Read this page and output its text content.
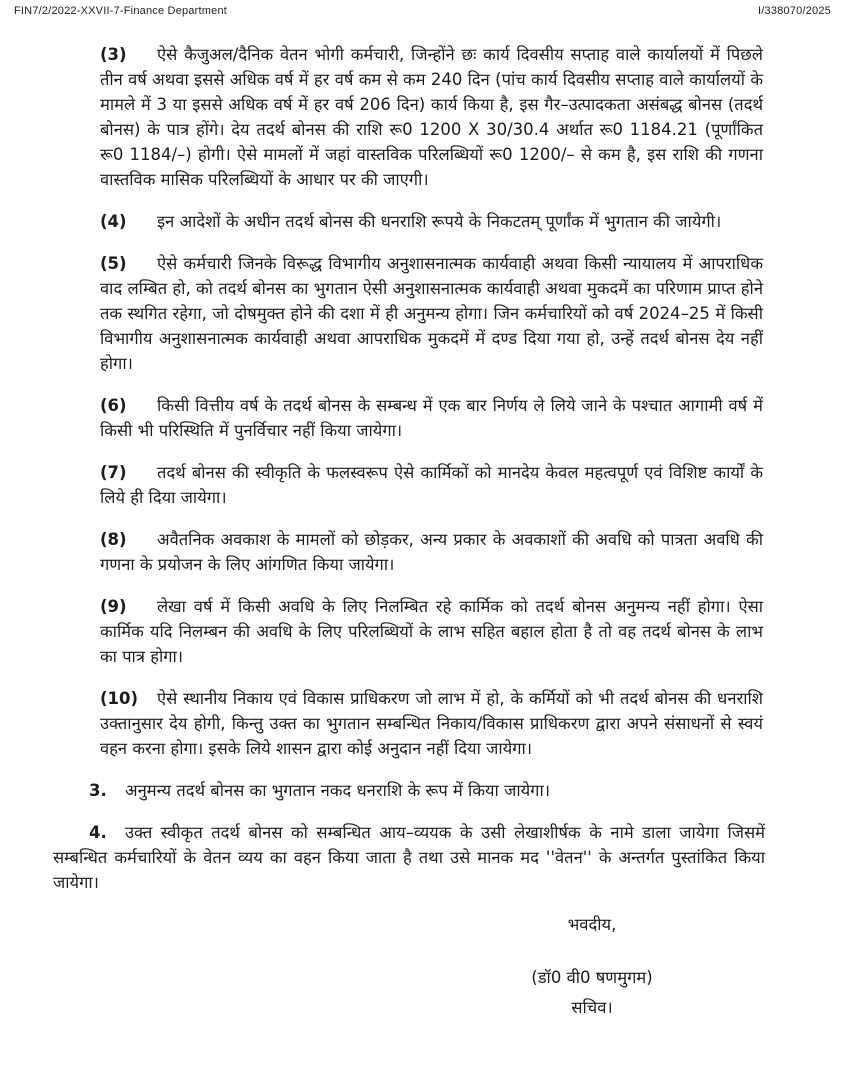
FIN7/2/2022-XXVII-7-Finance Department	I/338070/2025

(3) ऐसे कैजुअल/दैनिक वेतन भोगी कर्मचारी, जिन्होंने छः कार्य दिवसीय सप्ताह वाले कार्यालयों में पिछले तीन वर्ष अथवा इससे अधिक वर्ष में हर वर्ष कम से कम 240 दिन (पांच कार्य दिवसीय सप्ताह वाले कार्यालयों के मामले में 3 या इससे अधिक वर्ष में हर वर्ष 206 दिन) कार्य किया है, इस गैर–उत्पादकता असंबद्ध बोनस (तदर्थ बोनस) के पात्र होंगे। देय तदर्थ बोनस की राशि रू0 1200 X 30/30.4 अर्थात रू0 1184.21 (पूर्णांकित रू0 1184/–) होगी। ऐसे मामलों में जहां वास्तविक परिलब्धियों रू0 1200/– से कम है, इस राशि की गणना वास्तविक मासिक परिलब्धियों के आधार पर की जाएगी।

(4) इन आदेशों के अधीन तदर्थ बोनस की धनराशि रूपये के निकटतम् पूर्णांक में भुगतान की जायेगी।

(5) ऐसे कर्मचारी जिनके विरूद्ध विभागीय अनुशासनात्मक कार्यवाही अथवा किसी न्यायालय में आपराधिक वाद लम्बित हो, को तदर्थ बोनस का भुगतान ऐसी अनुशासनात्मक कार्यवाही अथवा मुकदमें का परिणाम प्राप्त होने तक स्थगित रहेगा, जो दोषमुक्त होने की दशा में ही अनुमन्य होगा। जिन कर्मचारियों को वर्ष 2024–25 में किसी विभागीय अनुशासनात्मक कार्यवाही अथवा आपराधिक मुकदमें में दण्ड दिया गया हो, उन्हें तदर्थ बोनस देय नहीं होगा।

(6) किसी वित्तीय वर्ष के तदर्थ बोनस के सम्बन्ध में एक बार निर्णय ले लिये जाने के पश्चात आगामी वर्ष में किसी भी परिस्थिति में पुनर्विचार नहीं किया जायेगा।

(7) तदर्थ बोनस की स्वीकृति के फलस्वरूप ऐसे कार्मिकों को मानदेय केवल महत्वपूर्ण एवं विशिष्ट कार्यों के लिये ही दिया जायेगा।

(8) अवैतनिक अवकाश के मामलों को छोड़कर, अन्य प्रकार के अवकाशों की अवधि को पात्रता अवधि की गणना के प्रयोजन के लिए आंगणित किया जायेगा।

(9) लेखा वर्ष में किसी अवधि के लिए निलम्बित रहे कार्मिक को तदर्थ बोनस अनुमन्य नहीं होगा। ऐसा कार्मिक यदि निलम्बन की अवधि के लिए परिलब्धियों के लाभ सहित बहाल होता है तो वह तदर्थ बोनस के लाभ का पात्र होगा।

(10) ऐसे स्थानीय निकाय एवं विकास प्राधिकरण जो लाभ में हो, के कर्मियों को भी तदर्थ बोनस की धनराशि उक्तानुसार देय होगी, किन्तु उक्त का भुगतान सम्बन्धित निकाय/विकास प्राधिकरण द्वारा अपने संसाधनों से स्वयं वहन करना होगा। इसके लिये शासन द्वारा कोई अनुदान नहीं दिया जायेगा।

3. अनुमन्य तदर्थ बोनस का भुगतान नकद धनराशि के रूप में किया जायेगा।

4. उक्त स्वीकृत तदर्थ बोनस को सम्बन्धित आय–व्ययक के उसी लेखाशीर्षक के नामे डाला जायेगा जिसमें सम्बन्धित कर्मचारियों के वेतन व्यय का वहन किया जाता है तथा उसे मानक मद ''वेतन'' के अन्तर्गत पुस्तांकित किया जायेगा।

भवदीय,
(डॉ0 वी0 षणमुगम)
सचिव।
